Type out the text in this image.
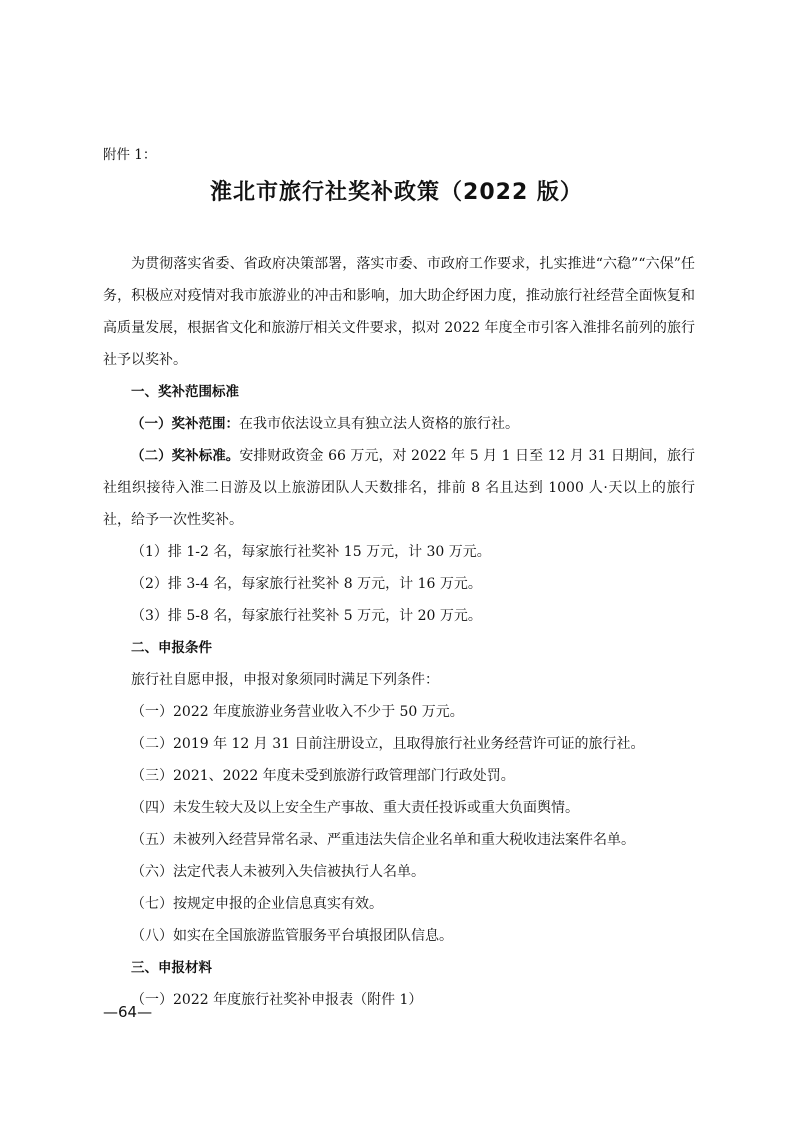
附件 1：
淮北市旅行社奖补政策（2022 版）

为贯彻落实省委、省政府决策部署，落实市委、市政府工作要求，扎实推进“六稳”“六保”任务，积极应对疫情对我市旅游业的冲击和影响，加大助企纾困力度，推动旅行社经营全面恢复和高质量发展，根据省文化和旅游厅相关文件要求，拟对 2022 年度全市引客入淮排名前列的旅行社予以奖补。

一、奖补范围标准

（一）奖补范围：在我市依法设立具有独立法人资格的旅行社。

（二）奖补标准。安排财政资金 66 万元，对 2022 年 5 月 1 日至 12 月 31 日期间，旅行社组织接待入淮二日游及以上旅游团队人天数排名，排前 8 名且达到 1000 人·天以上的旅行社，给予一次性奖补。

（1）排 1-2 名，每家旅行社奖补 15 万元，计 30 万元。

（2）排 3-4 名，每家旅行社奖补 8 万元，计 16 万元。

（3）排 5-8 名，每家旅行社奖补 5 万元，计 20 万元。

二、申报条件

旅行社自愿申报，申报对象须同时满足下列条件：

（一）2022 年度旅游业务营业收入不少于 50 万元。

（二）2019 年 12 月 31 日前注册设立，且取得旅行社业务经营许可证的旅行社。

（三）2021、2022 年度未受到旅游行政管理部门行政处罚。

（四）未发生较大及以上安全生产事故、重大责任投诉或重大负面舆情。

（五）未被列入经营异常名录、严重违法失信企业名单和重大税收违法案件名单。

（六）法定代表人未被列入失信被执行人名单。

（七）按规定申报的企业信息真实有效。

（八）如实在全国旅游监管服务平台填报团队信息。

三、申报材料

（一）2022 年度旅行社奖补申报表（附件 1）

—64—
